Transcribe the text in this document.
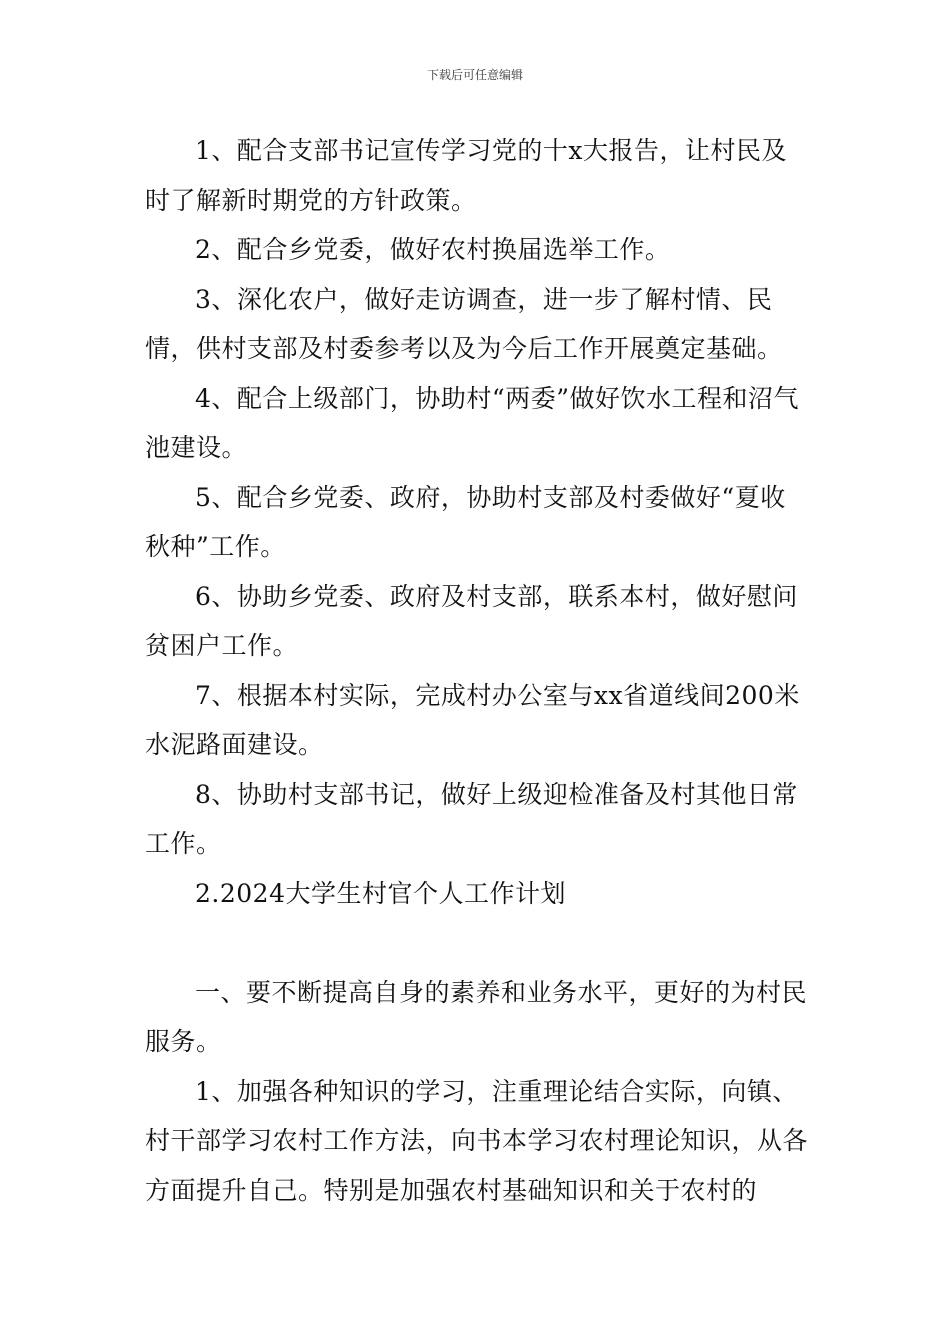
下载后可任意编辑

1、配合支部书记宣传学习党的十x大报告，让村民及时了解新时期党的方针政策。

2、配合乡党委，做好农村换届选举工作。

3、深化农户，做好走访调查，进一步了解村情、民情，供村支部及村委参考以及为今后工作开展奠定基础。

4、配合上级部门，协助村“两委”做好饮水工程和沼气池建设。

5、配合乡党委、政府，协助村支部及村委做好“夏收秋种”工作。

6、协助乡党委、政府及村支部，联系本村，做好慰问贫困户工作。

7、根据本村实际，完成村办公室与xx省道线间200米水泥路面建设。

8、协助村支部书记，做好上级迎检准备及村其他日常工作。

2.2024大学生村官个人工作计划

一、要不断提高自身的素养和业务水平，更好的为村民服务。

1、加强各种知识的学习，注重理论结合实际，向镇、村干部学习农村工作方法，向书本学习农村理论知识，从各方面提升自己。特别是加强农村基础知识和关于农村的
